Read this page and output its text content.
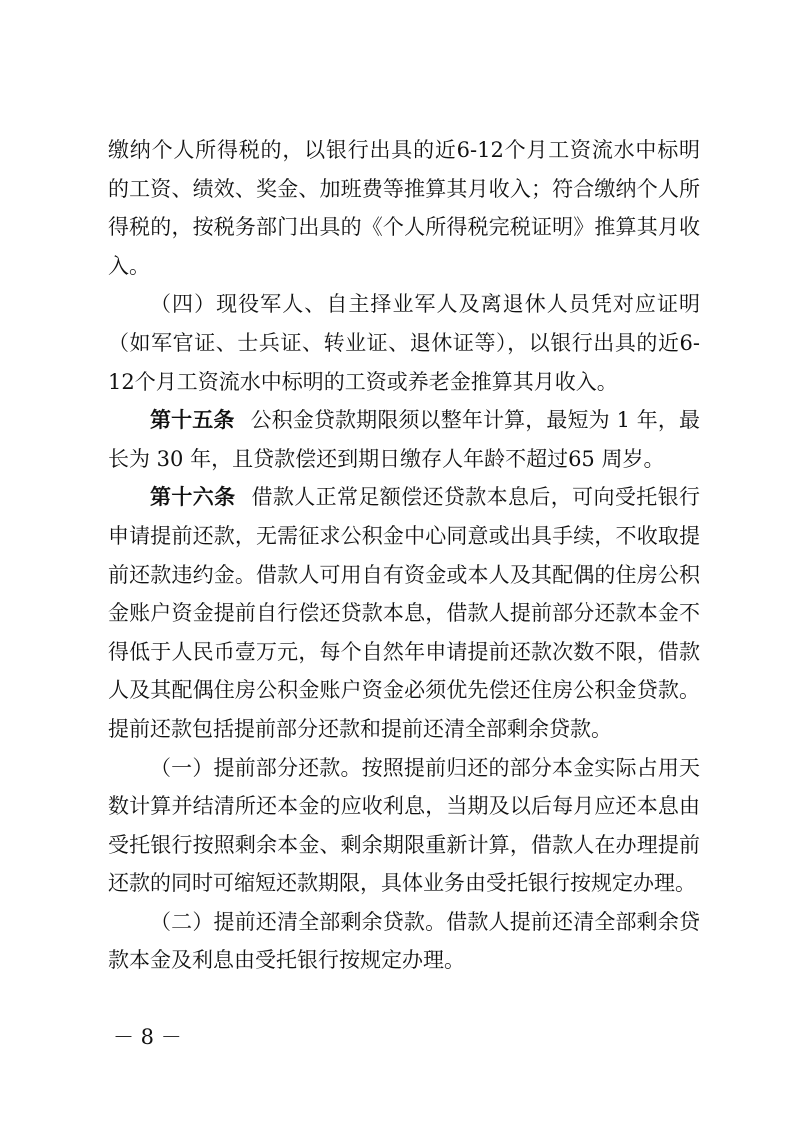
缴纳个人所得税的，以银行出具的近6-12个月工资流水中标明的工资、绩效、奖金、加班费等推算其月收入；符合缴纳个人所得税的，按税务部门出具的《个人所得税完税证明》推算其月收入。

（四）现役军人、自主择业军人及离退休人员凭对应证明（如军官证、士兵证、转业证、退休证等），以银行出具的近6-12个月工资流水中标明的工资或养老金推算其月收入。

第十五条 公积金贷款期限须以整年计算，最短为 1 年，最长为 30 年，且贷款偿还到期日缴存人年龄不超过65 周岁。

第十六条 借款人正常足额偿还贷款本息后，可向受托银行申请提前还款，无需征求公积金中心同意或出具手续，不收取提前还款违约金。借款人可用自有资金或本人及其配偶的住房公积金账户资金提前自行偿还贷款本息，借款人提前部分还款本金不得低于人民币壹万元，每个自然年申请提前还款次数不限，借款人及其配偶住房公积金账户资金必须优先偿还住房公积金贷款。提前还款包括提前部分还款和提前还清全部剩余贷款。

（一）提前部分还款。按照提前归还的部分本金实际占用天数计算并结清所还本金的应收利息，当期及以后每月应还本息由受托银行按照剩余本金、剩余期限重新计算，借款人在办理提前还款的同时可缩短还款期限，具体业务由受托银行按规定办理。

（二）提前还清全部剩余贷款。借款人提前还清全部剩余贷款本金及利息由受托银行按规定办理。

－ 8 －
